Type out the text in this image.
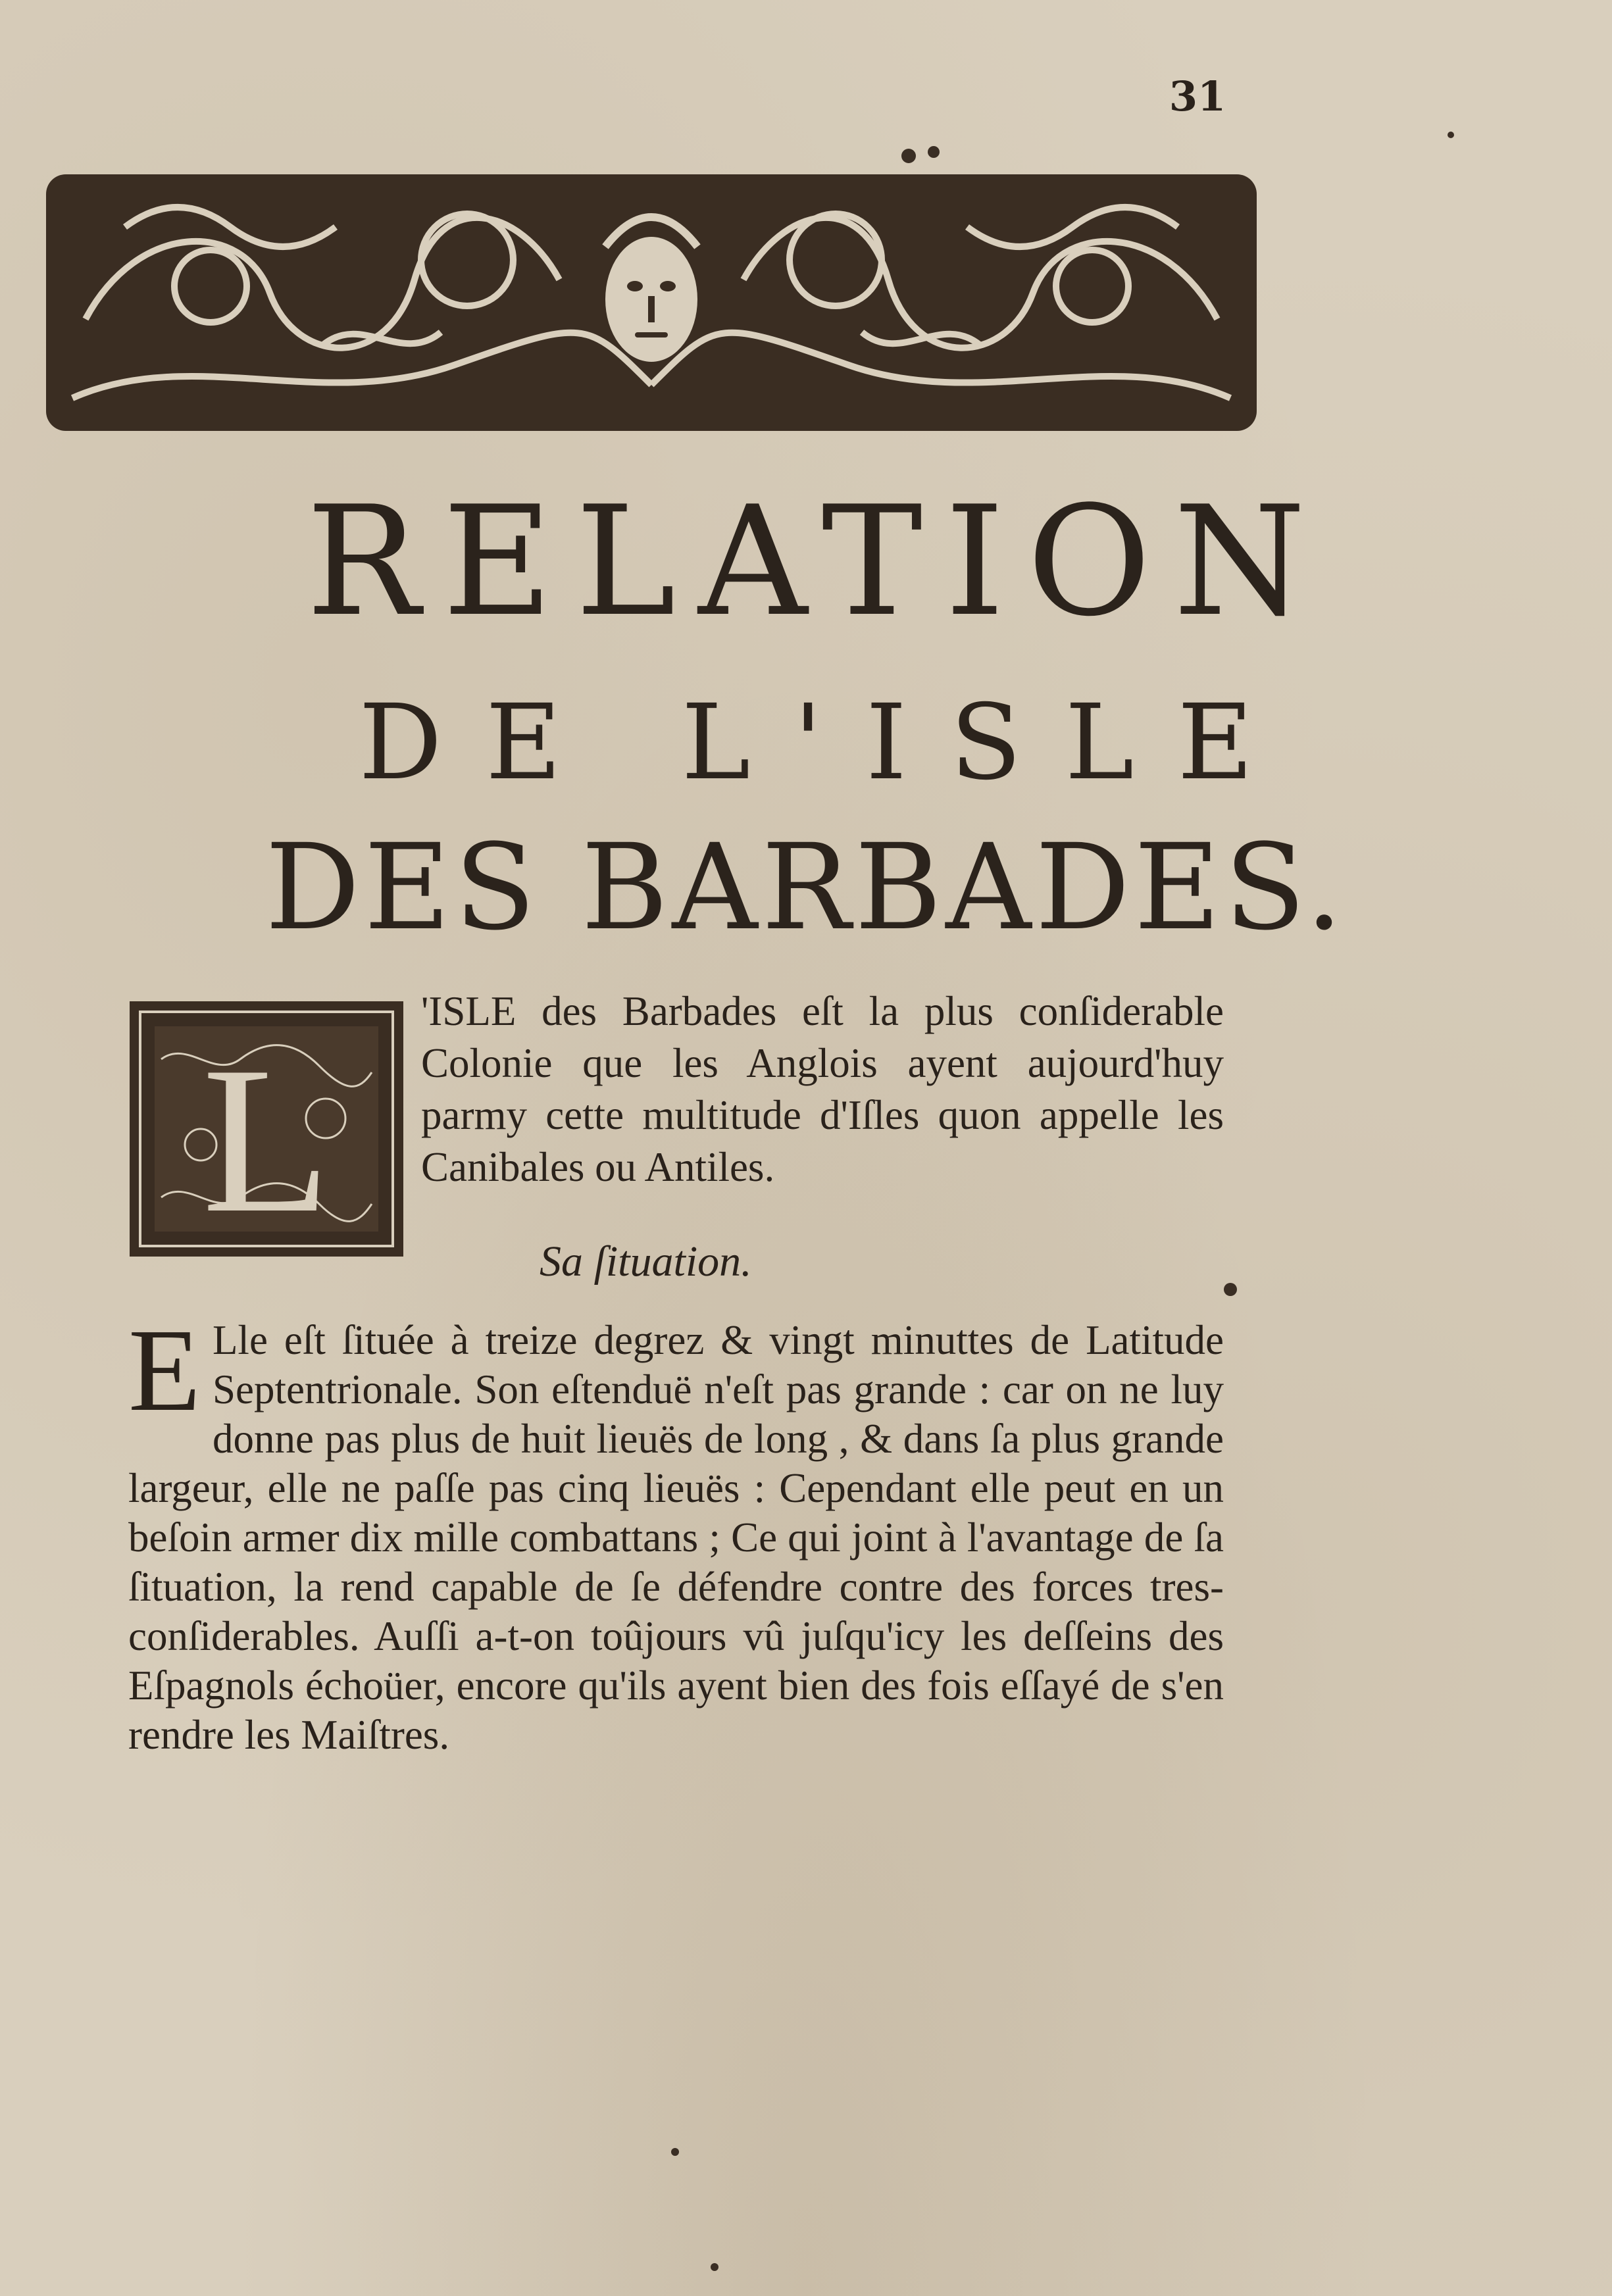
31
RELATION
DE L'ISLE
DES BARBADES.
L
'ISLE des Barbades eſt la plus conſiderable Colonie que les Anglois ayent aujourd'huy parmy cette multitude d'Iſles quon appelle les Canibales ou Antiles.
Sa ſituation.
E Lle eſt ſituée à treize degrez & vingt minuttes de Latitude Septentrionale. Son eſtenduë n'eſt pas grande : car on ne luy donne pas plus de huit lieuës de long , & dans ſa plus grande largeur, elle ne paſſe pas cinq lieuës : Cependant elle peut en un beſoin armer dix mille combattans ; Ce qui joint à l'avantage de ſa ſituation, la rend capable de ſe défendre contre des forces tres-conſiderables. Auſſi a-t-on toûjours vû juſqu'icy les deſſeins des Eſpagnols échoüer, encore qu'ils ayent bien des fois eſſayé de s'en rendre les Maiſtres.
